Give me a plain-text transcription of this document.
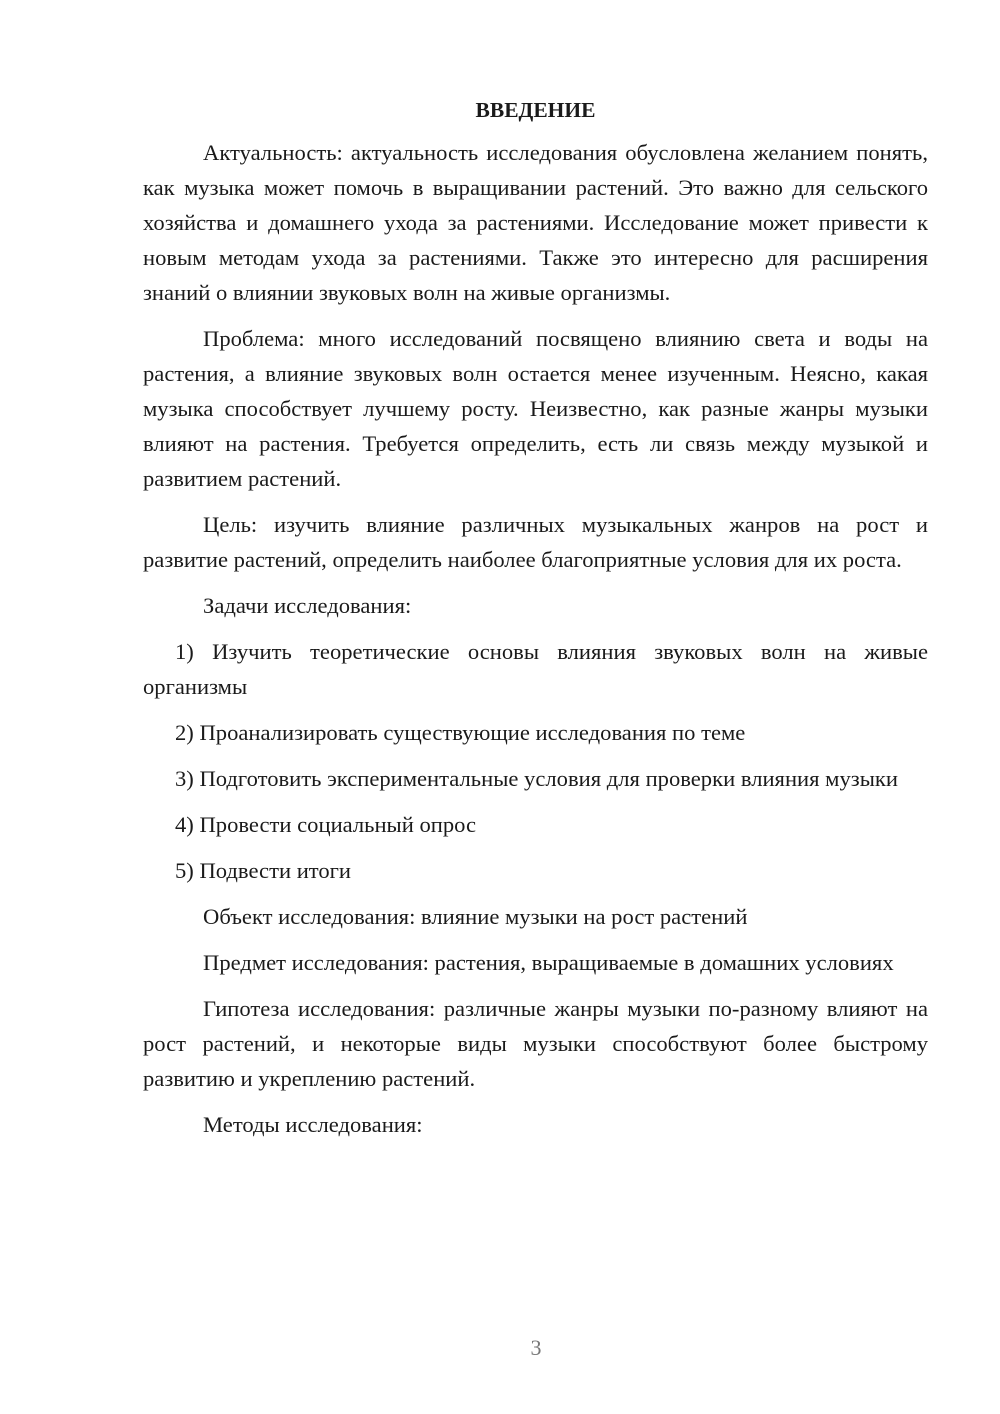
ВВЕДЕНИЕ

Актуальность: актуальность исследования обусловлена желанием понять, как музыка может помочь в выращивании растений. Это важно для сельского хозяйства и домашнего ухода за растениями. Исследование может привести к новым методам ухода за растениями. Также это интересно для расширения знаний о влиянии звуковых волн на живые организмы.

Проблема: много исследований посвящено влиянию света и воды на растения, а влияние звуковых волн остается менее изученным. Неясно, какая музыка способствует лучшему росту. Неизвестно, как разные жанры музыки влияют на растения. Требуется определить, есть ли связь между музыкой и развитием растений.

Цель: изучить влияние различных музыкальных жанров на рост и развитие растений, определить наиболее благоприятные условия для их роста.

Задачи исследования:

1) Изучить теоретические основы влияния звуковых волн на живые организмы

2) Проанализировать существующие исследования по теме

3) Подготовить экспериментальные условия для проверки влияния музыки

4) Провести социальный опрос

5) Подвести итоги

Объект исследования: влияние музыки на рост растений

Предмет исследования: растения, выращиваемые в домашних условиях

Гипотеза исследования: различные жанры музыки по-разному влияют на рост растений, и некоторые виды музыки способствуют более быстрому развитию и укреплению растений.

Методы исследования:

3
